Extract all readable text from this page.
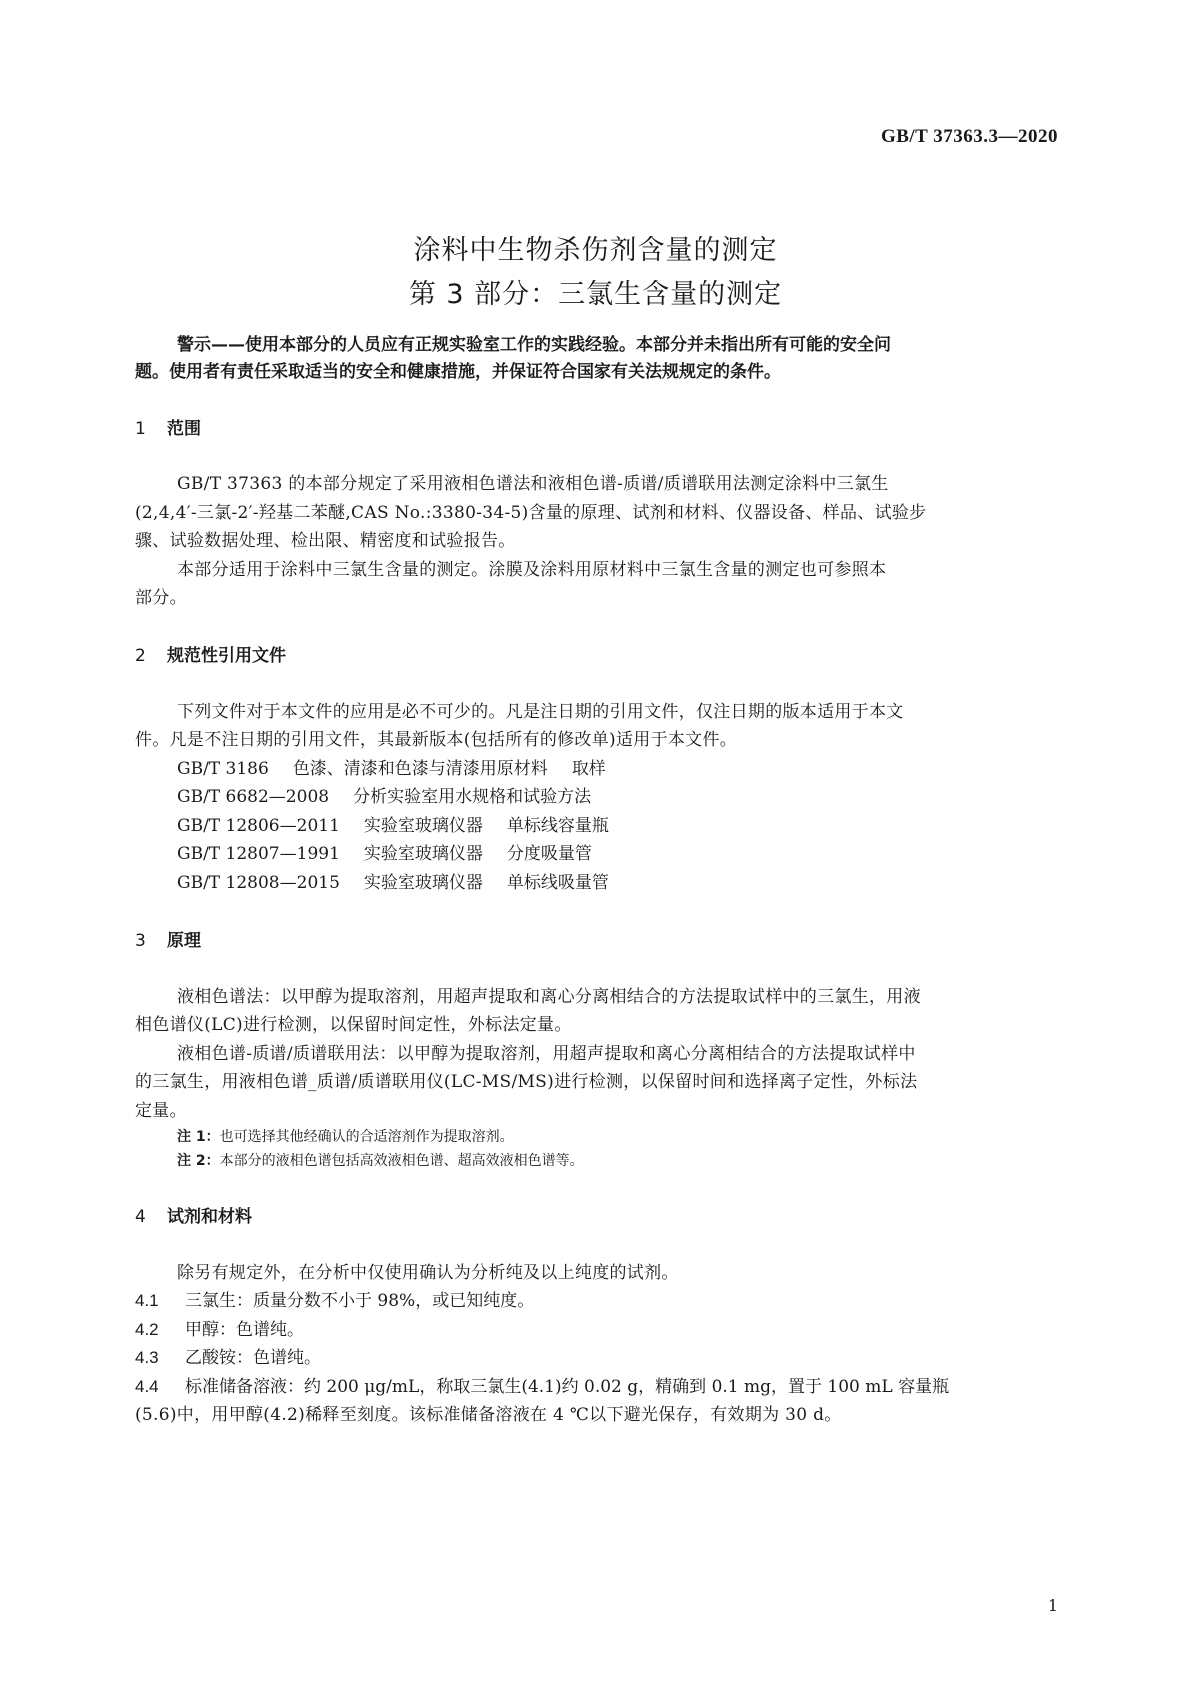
GB/T 37363.3—2020
涂料中生物杀伤剂含量的测定
第 3 部分：三氯生含量的测定
警示——使用本部分的人员应有正规实验室工作的实践经验。本部分并未指出所有可能的安全问
题。使用者有责任采取适当的安全和健康措施，并保证符合国家有关法规规定的条件。
1 范围
GB/T 37363 的本部分规定了采用液相色谱法和液相色谱-质谱/质谱联用法测定涂料中三氯生
(2,4,4′-三氯-2′-羟基二苯醚,CAS No.:3380-34-5)含量的原理、试剂和材料、仪器设备、样品、试验步
骤、试验数据处理、检出限、精密度和试验报告。
本部分适用于涂料中三氯生含量的测定。涂膜及涂料用原材料中三氯生含量的测定也可参照本
部分。
2 规范性引用文件
下列文件对于本文件的应用是必不可少的。凡是注日期的引用文件，仅注日期的版本适用于本文
件。凡是不注日期的引用文件，其最新版本(包括所有的修改单)适用于本文件。
GB/T 3186 色漆、清漆和色漆与清漆用原材料 取样
GB/T 6682—2008 分析实验室用水规格和试验方法
GB/T 12806—2011 实验室玻璃仪器 单标线容量瓶
GB/T 12807—1991 实验室玻璃仪器 分度吸量管
GB/T 12808—2015 实验室玻璃仪器 单标线吸量管
3 原理
液相色谱法：以甲醇为提取溶剂，用超声提取和离心分离相结合的方法提取试样中的三氯生，用液
相色谱仪(LC)进行检测，以保留时间定性，外标法定量。
液相色谱-质谱/质谱联用法：以甲醇为提取溶剂，用超声提取和离心分离相结合的方法提取试样中
的三氯生，用液相色谱_质谱/质谱联用仪(LC-MS/MS)进行检测，以保留时间和选择离子定性，外标法
定量。
注 1：也可选择其他经确认的合适溶剂作为提取溶剂。
注 2：本部分的液相色谱包括高效液相色谱、超高效液相色谱等。
4 试剂和材料
除另有规定外，在分析中仅使用确认为分析纯及以上纯度的试剂。
4.1 三氯生：质量分数不小于 98%，或已知纯度。
4.2 甲醇：色谱纯。
4.3 乙酸铵：色谱纯。
4.4 标准储备溶液：约 200 μg/mL，称取三氯生(4.1)约 0.02 g，精确到 0.1 mg，置于 100 mL 容量瓶
(5.6)中，用甲醇(4.2)稀释至刻度。该标准储备溶液在 4 ℃以下避光保存，有效期为 30 d。
1
